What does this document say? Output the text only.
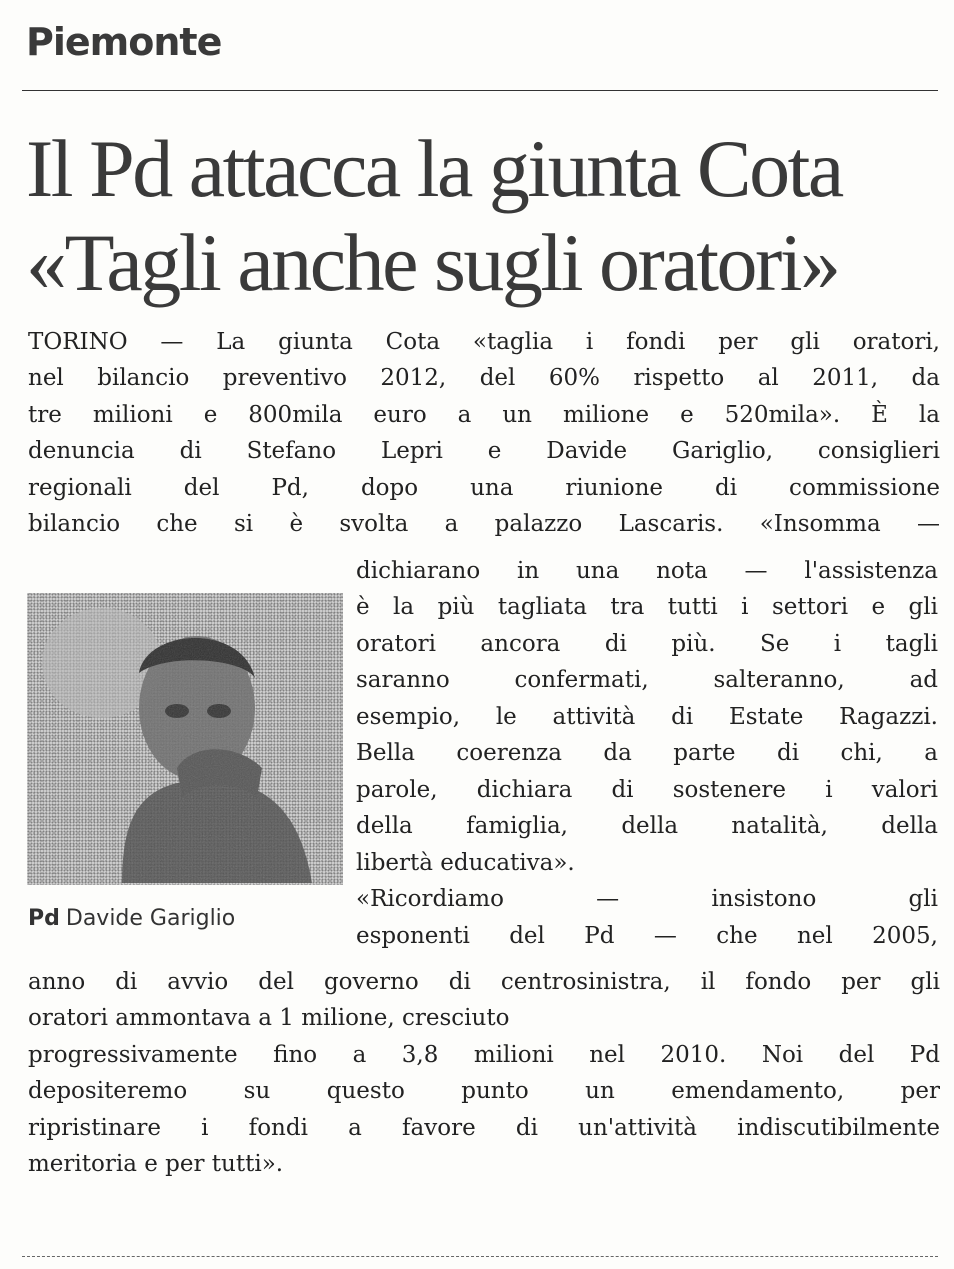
Piemonte
Il Pd attacca la giunta Cota
«Tagli anche sugli oratori»
TORINO — La giunta Cota «taglia i fondi per gli oratori,
nel bilancio preventivo 2012, del 60% rispetto al 2011, da
tre milioni e 800mila euro a un milione e 520mila». È la
denuncia di Stefano Lepri e Davide Gariglio, consiglieri
regionali del Pd, dopo una riunione di commissione
bilancio che si è svolta a palazzo Lascaris. «Insomma —
dichiarano in una nota — l'assistenza
è la più tagliata tra tutti i settori e gli
oratori ancora di più. Se i tagli
saranno confermati, salteranno, ad
esempio, le attività di Estate Ragazzi.
Bella coerenza da parte di chi, a
parole, dichiara di sostenere i valori
della famiglia, della natalità, della
libertà educativa».
«Ricordiamo — insistono gli
esponenti del Pd — che nel 2005,
anno di avvio del governo di centrosinistra, il fondo per gli
oratori ammontava a 1 milione, cresciuto
progressivamente fino a 3,8 milioni nel 2010. Noi del Pd
depositeremo su questo punto un emendamento, per
ripristinare i fondi a favore di un'attività indiscutibilmente
meritoria e per tutti».
Pd Davide Gariglio
